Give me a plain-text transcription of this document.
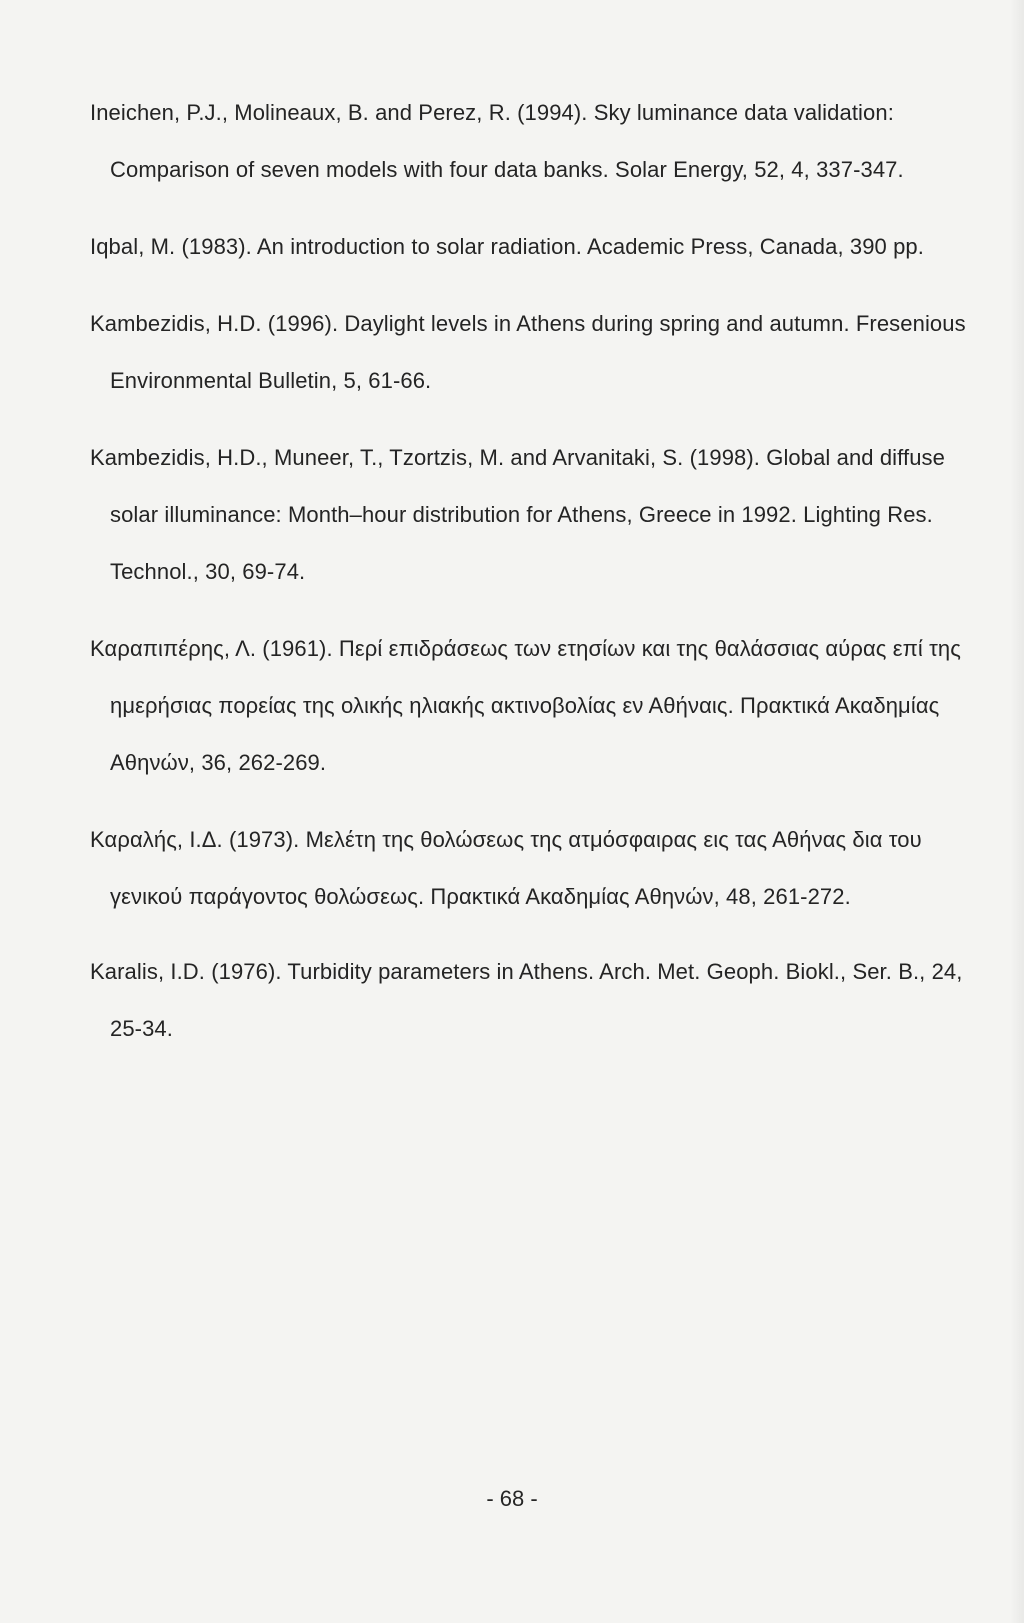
Ineichen, P.J., Molineaux, B. and Perez, R. (1994). Sky luminance data validation: Comparison of seven models with four data banks. Solar Energy, 52, 4, 337-347.

Iqbal, M. (1983). An introduction to solar radiation. Academic Press, Canada, 390 pp.

Kambezidis, H.D. (1996). Daylight levels in Athens during spring and autumn. Fresenious Environmental Bulletin, 5, 61-66.

Kambezidis, H.D., Muneer, T., Tzortzis, M. and Arvanitaki, S. (1998). Global and diffuse solar illuminance: Month–hour distribution for Athens, Greece in 1992. Lighting Res. Technol., 30, 69-74.

Καραπιπέρης, Λ. (1961). Περί επιδράσεως των ετησίων και της θαλάσσιας αύρας επί της ημερήσιας πορείας της ολικής ηλιακής ακτινοβολίας εν Αθήναις. Πρακτικά Ακαδημίας Αθηνών, 36, 262-269.

Καραλής, Ι.Δ. (1973). Μελέτη της θολώσεως της ατμόσφαιρας εις τας Αθήνας δια του γενικού παράγοντος θολώσεως. Πρακτικά Ακαδημίας Αθηνών, 48, 261-272.

Karalis, I.D. (1976). Turbidity parameters in Athens. Arch. Met. Geoph. Biokl., Ser. B., 24, 25-34.

- 68 -
